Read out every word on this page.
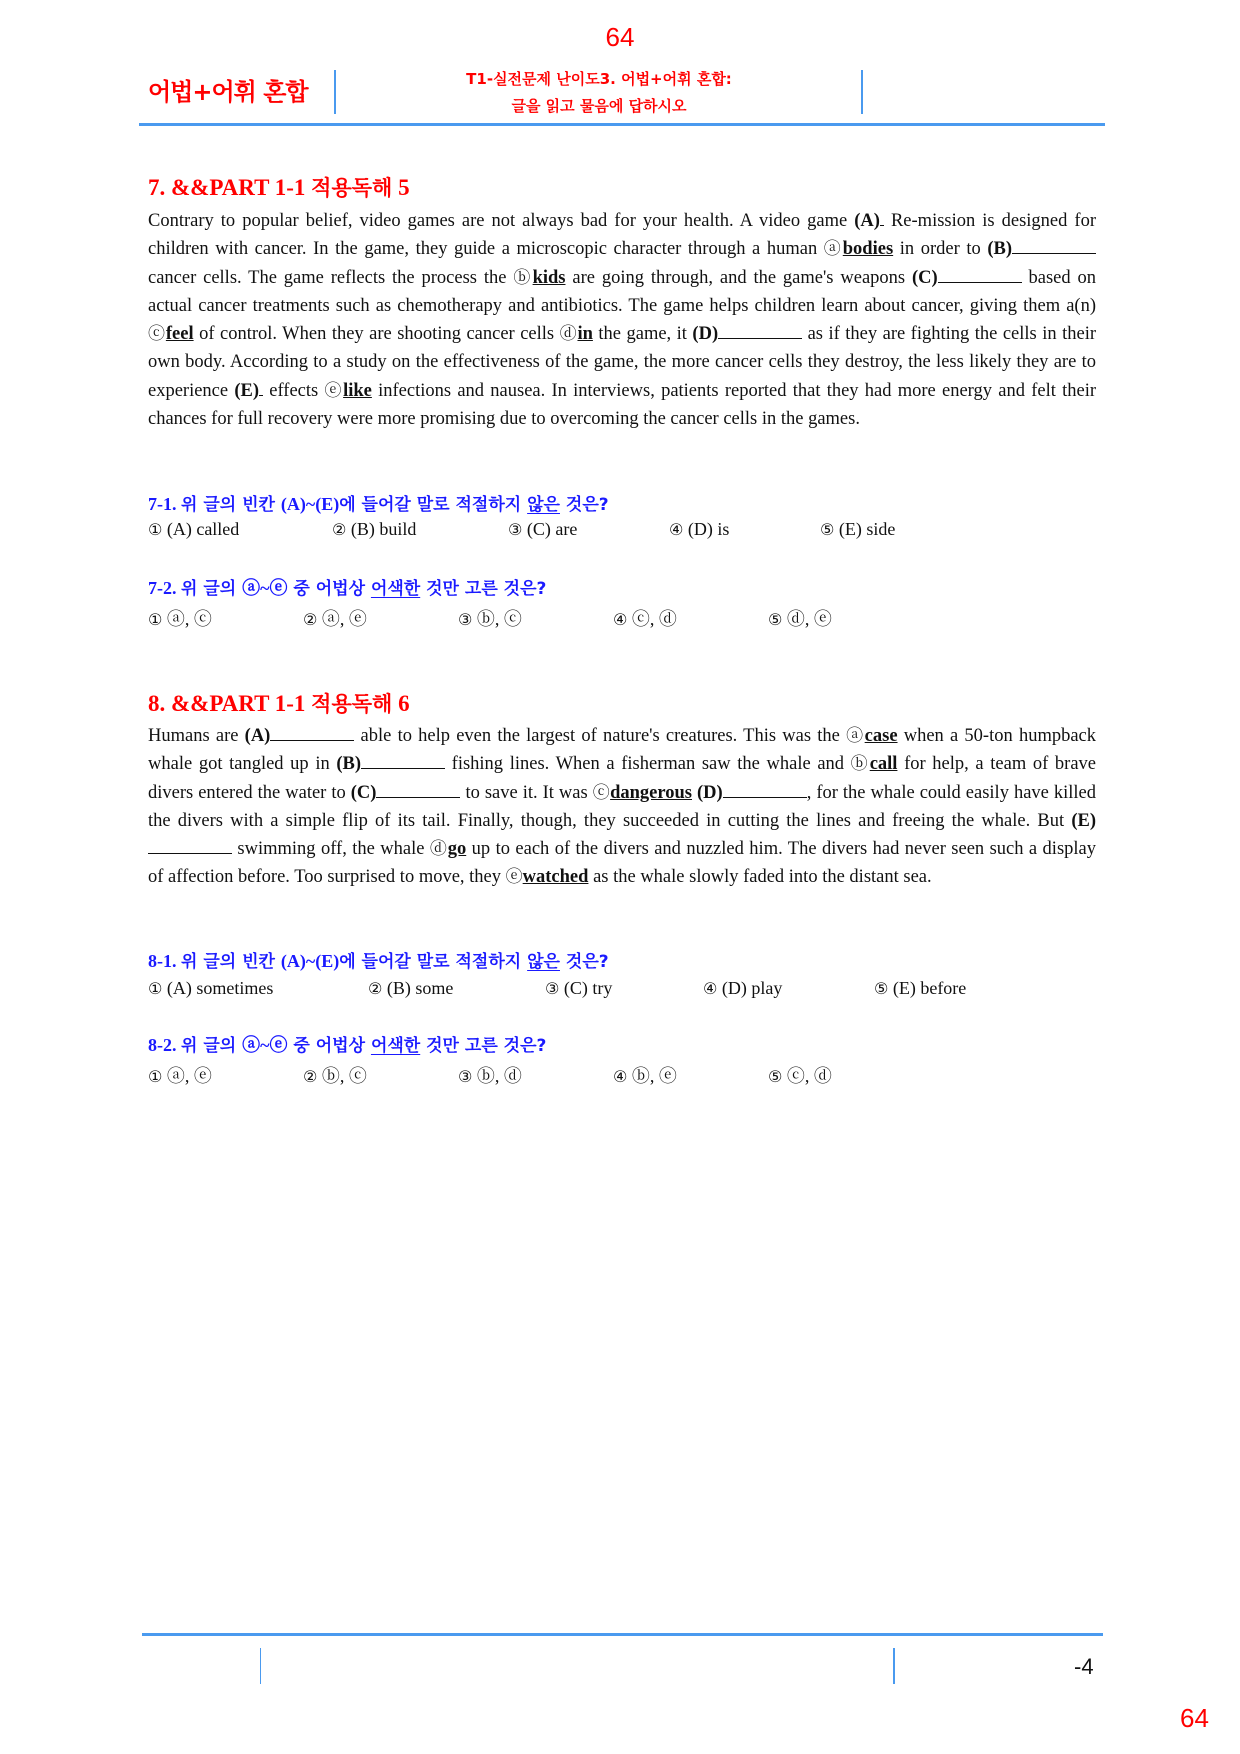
64
어법+어휘 혼합	T1-실전문제 난이도3. 어법+어휘 혼합:
글을 읽고 물음에 답하시오
7. &&PART 1-1 적용독해 5
Contrary to popular belief, video games are not always bad for your health. A video game (A) Re-mission is designed for children with cancer. In the game, they guide a microscopic character through a human ⓐbodies in order to (B) cancer cells. The game reflects the process the ⓑkids are going through, and the game's weapons (C)	based on actual cancer treatments such as chemotherapy and antibiotics. The game helps children learn about cancer, giving them a(n) ⓒfeel of control. When they are shooting cancer cells ⓓin the game, it (D)	as if they are fighting the cells in their own body. According to a study on the effectiveness of the game, the more cancer cells they destroy, the less likely they are to experience (E) effects ⓔlike infections and nausea. In interviews, patients reported that they had more energy and felt their chances for full recovery were more promising due to overcoming the cancer cells in the games.
7-1. 위 글의 빈칸 (A)~(E)에 들어갈 말로 적절하지 않은 것은?
7-2. 위 글의 ⓐ~ⓔ 중 어법상 어색한 것만 고른 것은?
8. &&PART 1-1 적용독해 6
Humans are (A)	able to help even the largest of nature's creatures. This was the ⓐcase when a 50-ton humpback whale got tangled up in (B)	fishing lines. When a fisherman saw the whale and ⓑcall for help, a team of brave divers entered the water to (C)	to save it. It was ⓒdangerous (D)	, for the whale could easily have killed the divers with a simple flip of its tail. Finally, though, they succeeded in cutting the lines and freeing the whale. But (E) swimming off, the whale ⓓgo up to each of the divers and nuzzled him. The divers had never seen such a display of affection before. Too surprised to move, they ⓔwatched as the whale slowly faded into the distant sea.
8-1. 위 글의 빈칸 (A)~(E)에 들어갈 말로 적절하지 않은 것은?
8-2. 위 글의 ⓐ~ⓔ 중 어법상 어색한 것만 고른 것은?
-4
64
① (A) called	② (B) build	③ (C) are	④ (D) is	⑤ (E) side
① ⓐ, ⓒ	② ⓐ, ⓔ	③ ⓑ, ⓒ	④ ⓒ, ⓓ	⑤ ⓓ, ⓔ
① (A) sometimes	② (B) some	③ (C) try	④ (D) play	⑤ (E) before
① ⓐ, ⓔ	② ⓑ, ⓒ	③ ⓑ, ⓓ	④ ⓑ, ⓔ	⑤ ⓒ, ⓓ
